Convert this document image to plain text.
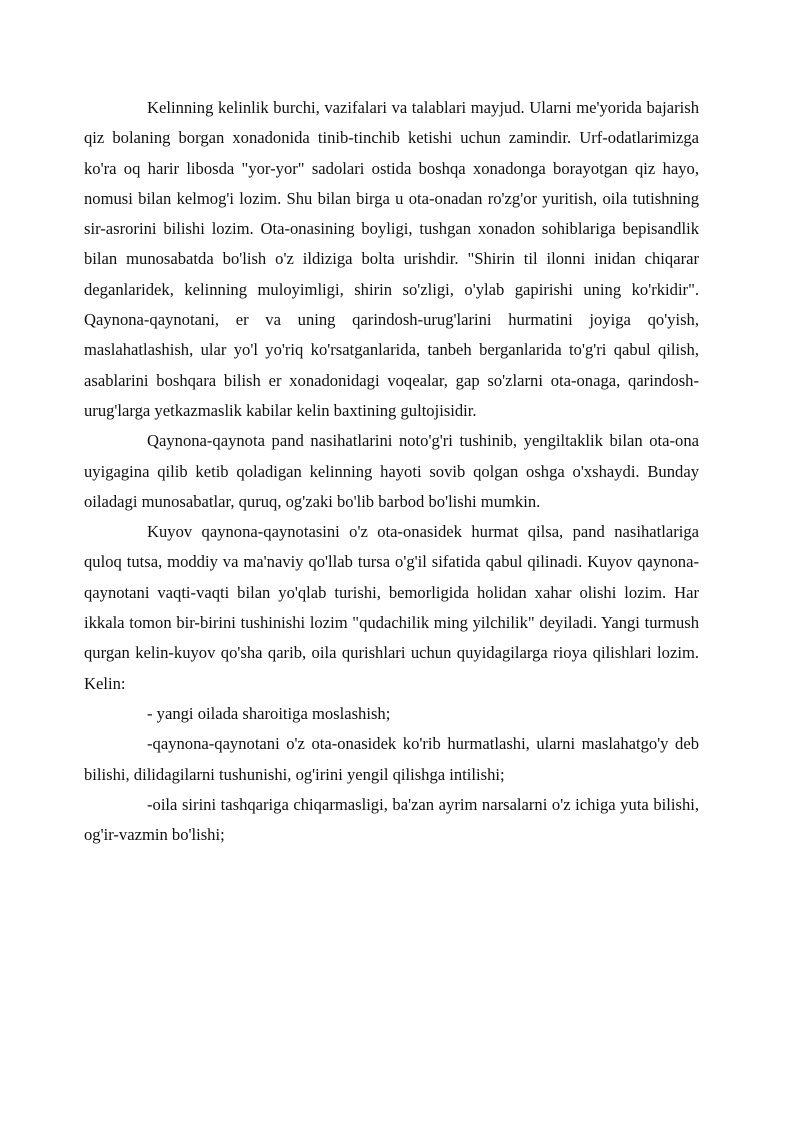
Kelinning kelinlik burchi, vazifalari va talablari mayjud. Ularni me'yorida bajarish qiz bolaning borgan xonadonida tinib-tinchib ketishi uchun zamindir. Urf-odatlarimizga ko'ra oq harir libosda "yor-yor" sadolari ostida boshqa xonadonga borayotgan qiz hayo, nomusi bilan kelmog'i lozim. Shu bilan birga u ota-onadan ro'zg'or yuritish, oila tutishning sir-asrorini bilishi lozim. Ota-onasining boyligi, tushgan xonadon sohiblariga bepisandlik bilan munosabatda bo'lish o'z ildiziga bolta urishdir. "Shirin til ilonni inidan chiqarar deganlaridek, kelinning muloyimligi, shirin so'zligi, o'ylab gapirishi uning ko'rkidir". Qaynona-qaynotani, er va uning qarindosh-urug'larini hurmatini joyiga qo'yish, maslahatlashish, ular yo'l yo'riq ko'rsatganlarida, tanbeh berganlarida to'g'ri qabul qilish, asablarini boshqara bilish er xonadonidagi voqealar, gap so'zlarni ota-onaga, qarindosh-urug'larga yetkazmaslik kabilar kelin baxtining gultojisidir.

Qaynona-qaynota pand nasihatlarini noto'g'ri tushinib, yengiltaklik bilan ota-ona uyigagina qilib ketib qoladigan kelinning hayoti sovib qolgan oshga o'xshaydi. Bunday oiladagi munosabatlar, quruq, og'zaki bo'lib barbod bo'lishi mumkin.

Kuyov qaynona-qaynotasini o'z ota-onasidek hurmat qilsa, pand nasihatlariga quloq tutsa, moddiy va ma'naviy qo'llab tursa o'g'il sifatida qabul qilinadi. Kuyov qaynona-qaynotani vaqti-vaqti bilan yo'qlab turishi, bemorligida holidan xahar olishi lozim. Har ikkala tomon bir-birini tushinishi lozim "qudachilik ming yilchilik" deyiladi. Yangi turmush qurgan kelin-kuyov qo'sha qarib, oila qurishlari uchun quyidagilarga rioya qilishlari lozim. Kelin:

- yangi oilada sharoitiga moslashish;

-qaynona-qaynotani o'z ota-onasidek ko'rib hurmatlashi, ularni maslahatgo'y deb bilishi, dilidagilarni tushunishi, og'irini yengil qilishga intilishi;

-oila sirini tashqariga chiqarmasligi, ba'zan ayrim narsalarni o'z ichiga yuta bilishi, og'ir-vazmin bo'lishi;
